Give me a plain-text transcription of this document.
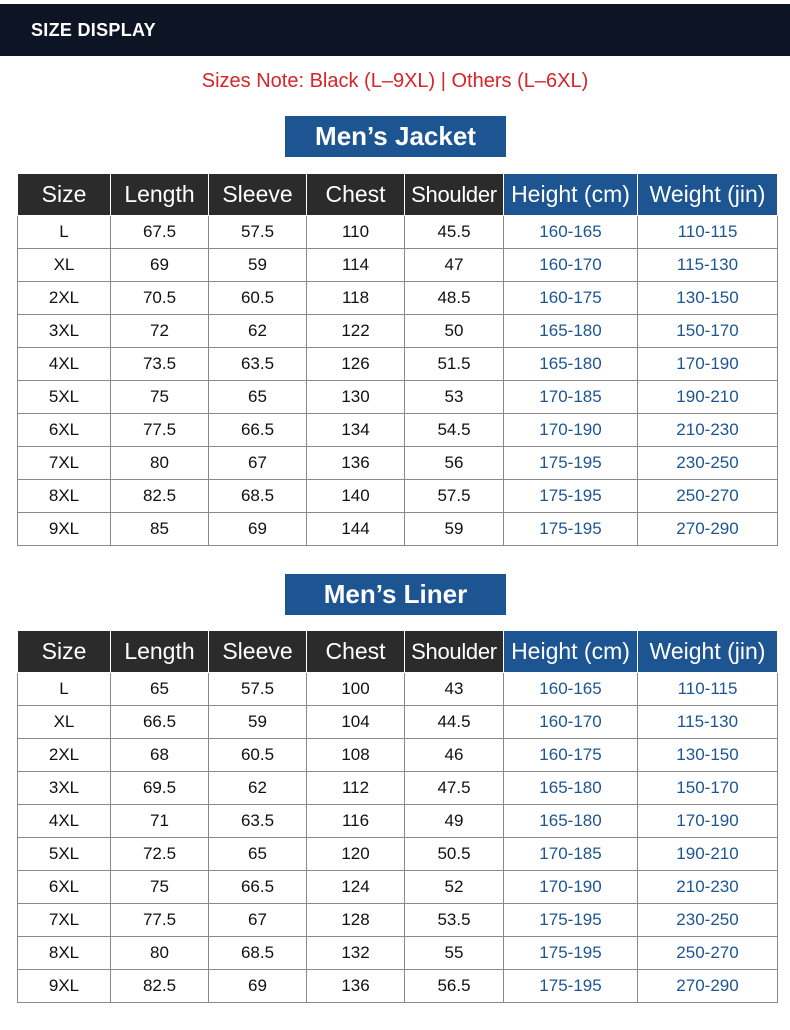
SIZE DISPLAY
Sizes Note: Black (L–9XL) | Others (L–6XL)
Men’s Jacket
Size	Length	Sleeve	Chest	Shoulder	Height (cm)	Weight (jin)
L	67.5	57.5	110	45.5	160-165	110-115
XL	69	59	114	47	160-170	115-130
2XL	70.5	60.5	118	48.5	160-175	130-150
3XL	72	62	122	50	165-180	150-170
4XL	73.5	63.5	126	51.5	165-180	170-190
5XL	75	65	130	53	170-185	190-210
6XL	77.5	66.5	134	54.5	170-190	210-230
7XL	80	67	136	56	175-195	230-250
8XL	82.5	68.5	140	57.5	175-195	250-270
9XL	85	69	144	59	175-195	270-290
Men’s Liner
Size	Length	Sleeve	Chest	Shoulder	Height (cm)	Weight (jin)
L	65	57.5	100	43	160-165	110-115
XL	66.5	59	104	44.5	160-170	115-130
2XL	68	60.5	108	46	160-175	130-150
3XL	69.5	62	112	47.5	165-180	150-170
4XL	71	63.5	116	49	165-180	170-190
5XL	72.5	65	120	50.5	170-185	190-210
6XL	75	66.5	124	52	170-190	210-230
7XL	77.5	67	128	53.5	175-195	230-250
8XL	80	68.5	132	55	175-195	250-270
9XL	82.5	69	136	56.5	175-195	270-290
